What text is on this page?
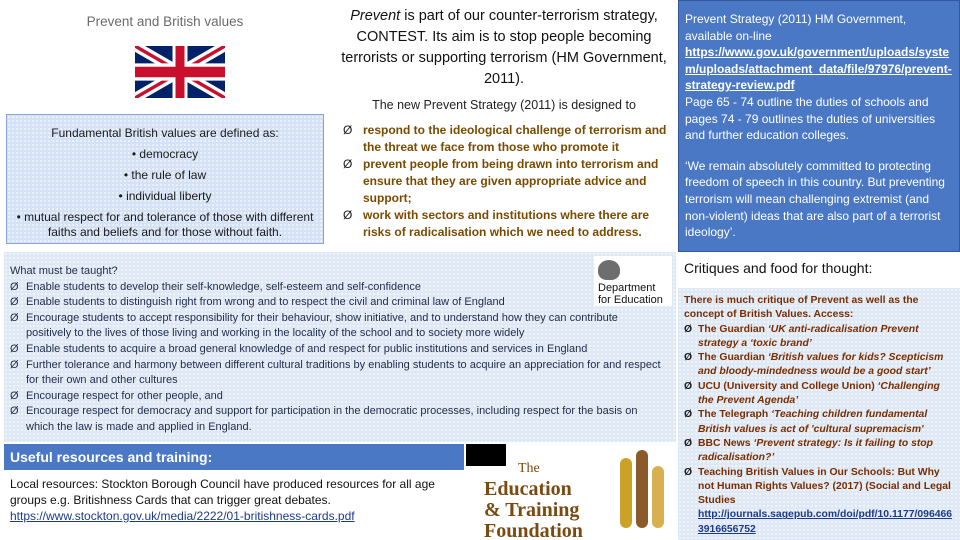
Prevent and British values
Fundamental British values are defined as:
• democracy
• the rule of law
• individual liberty
• mutual respect for and tolerance of those with different faiths and beliefs and for those without faith.
Prevent is part of our counter-terrorism strategy, CONTEST. Its aim is to stop people becoming terrorists or supporting terrorism (HM Government, 2011).
The new Prevent Strategy (2011) is designed to
Ø respond to the ideological challenge of terrorism and the threat we face from those who promote it
Ø prevent people from being drawn into terrorism and ensure that they are given appropriate advice and support;
Ø work with sectors and institutions where there are risks of radicalisation which we need to address.
Prevent Strategy (2011) HM Government, available on-line
https://www.gov.uk/government/uploads/system/uploads/attachment_data/file/97976/prevent-strategy-review.pdf
Page 65 - 74 outline the duties of schools and pages 74 - 79 outlines the duties of universities and further education colleges.
‘We remain absolutely committed to protecting freedom of speech in this country. But preventing terrorism will mean challenging extremist (and non-violent) ideas that are also part of a terrorist ideology’.
Department
for Education
What must be taught?
Ø Enable students to develop their self-knowledge, self-esteem and self-confidence
Ø Enable students to distinguish right from wrong and to respect the civil and criminal law of England
Ø Encourage students to accept responsibility for their behaviour, show initiative, and to understand how they can contribute positively to the lives of those living and working in the locality of the school and to society more widely
Ø Enable students to acquire a broad general knowledge of and respect for public institutions and services in England
Ø Further tolerance and harmony between different cultural traditions by enabling students to acquire an appreciation for and respect for their own and other cultures
Ø Encourage respect for other people, and
Ø Encourage respect for democracy and support for participation in the democratic processes, including respect for the basis on which the law is made and applied in England.
Useful resources and training:
Local resources: Stockton Borough Council have produced resources for all age groups e.g. Britishness Cards that can trigger great debates.
https://www.stockton.gov.uk/media/2222/01-britishness-cards.pdf
The
Education
& Training
Foundation
Critiques and food for thought:
There is much critique of Prevent as well as the concept of British Values. Access:
Ø The Guardian ‘UK anti-radicalisation Prevent strategy a ‘toxic brand’
Ø The Guardian ‘British values for kids? Scepticism and bloody-mindedness would be a good start’
Ø UCU (University and College Union) ‘Challenging the Prevent Agenda’
Ø The Telegraph ‘Teaching children fundamental British values is act of 'cultural supremacism'
Ø BBC News ‘Prevent strategy: Is it failing to stop radicalisation?’
Ø Teaching British Values in Our Schools: But Why not Human Rights Values? (2017) (Social and Legal Studies
http://journals.sagepub.com/doi/pdf/10.1177/0964663916656752
